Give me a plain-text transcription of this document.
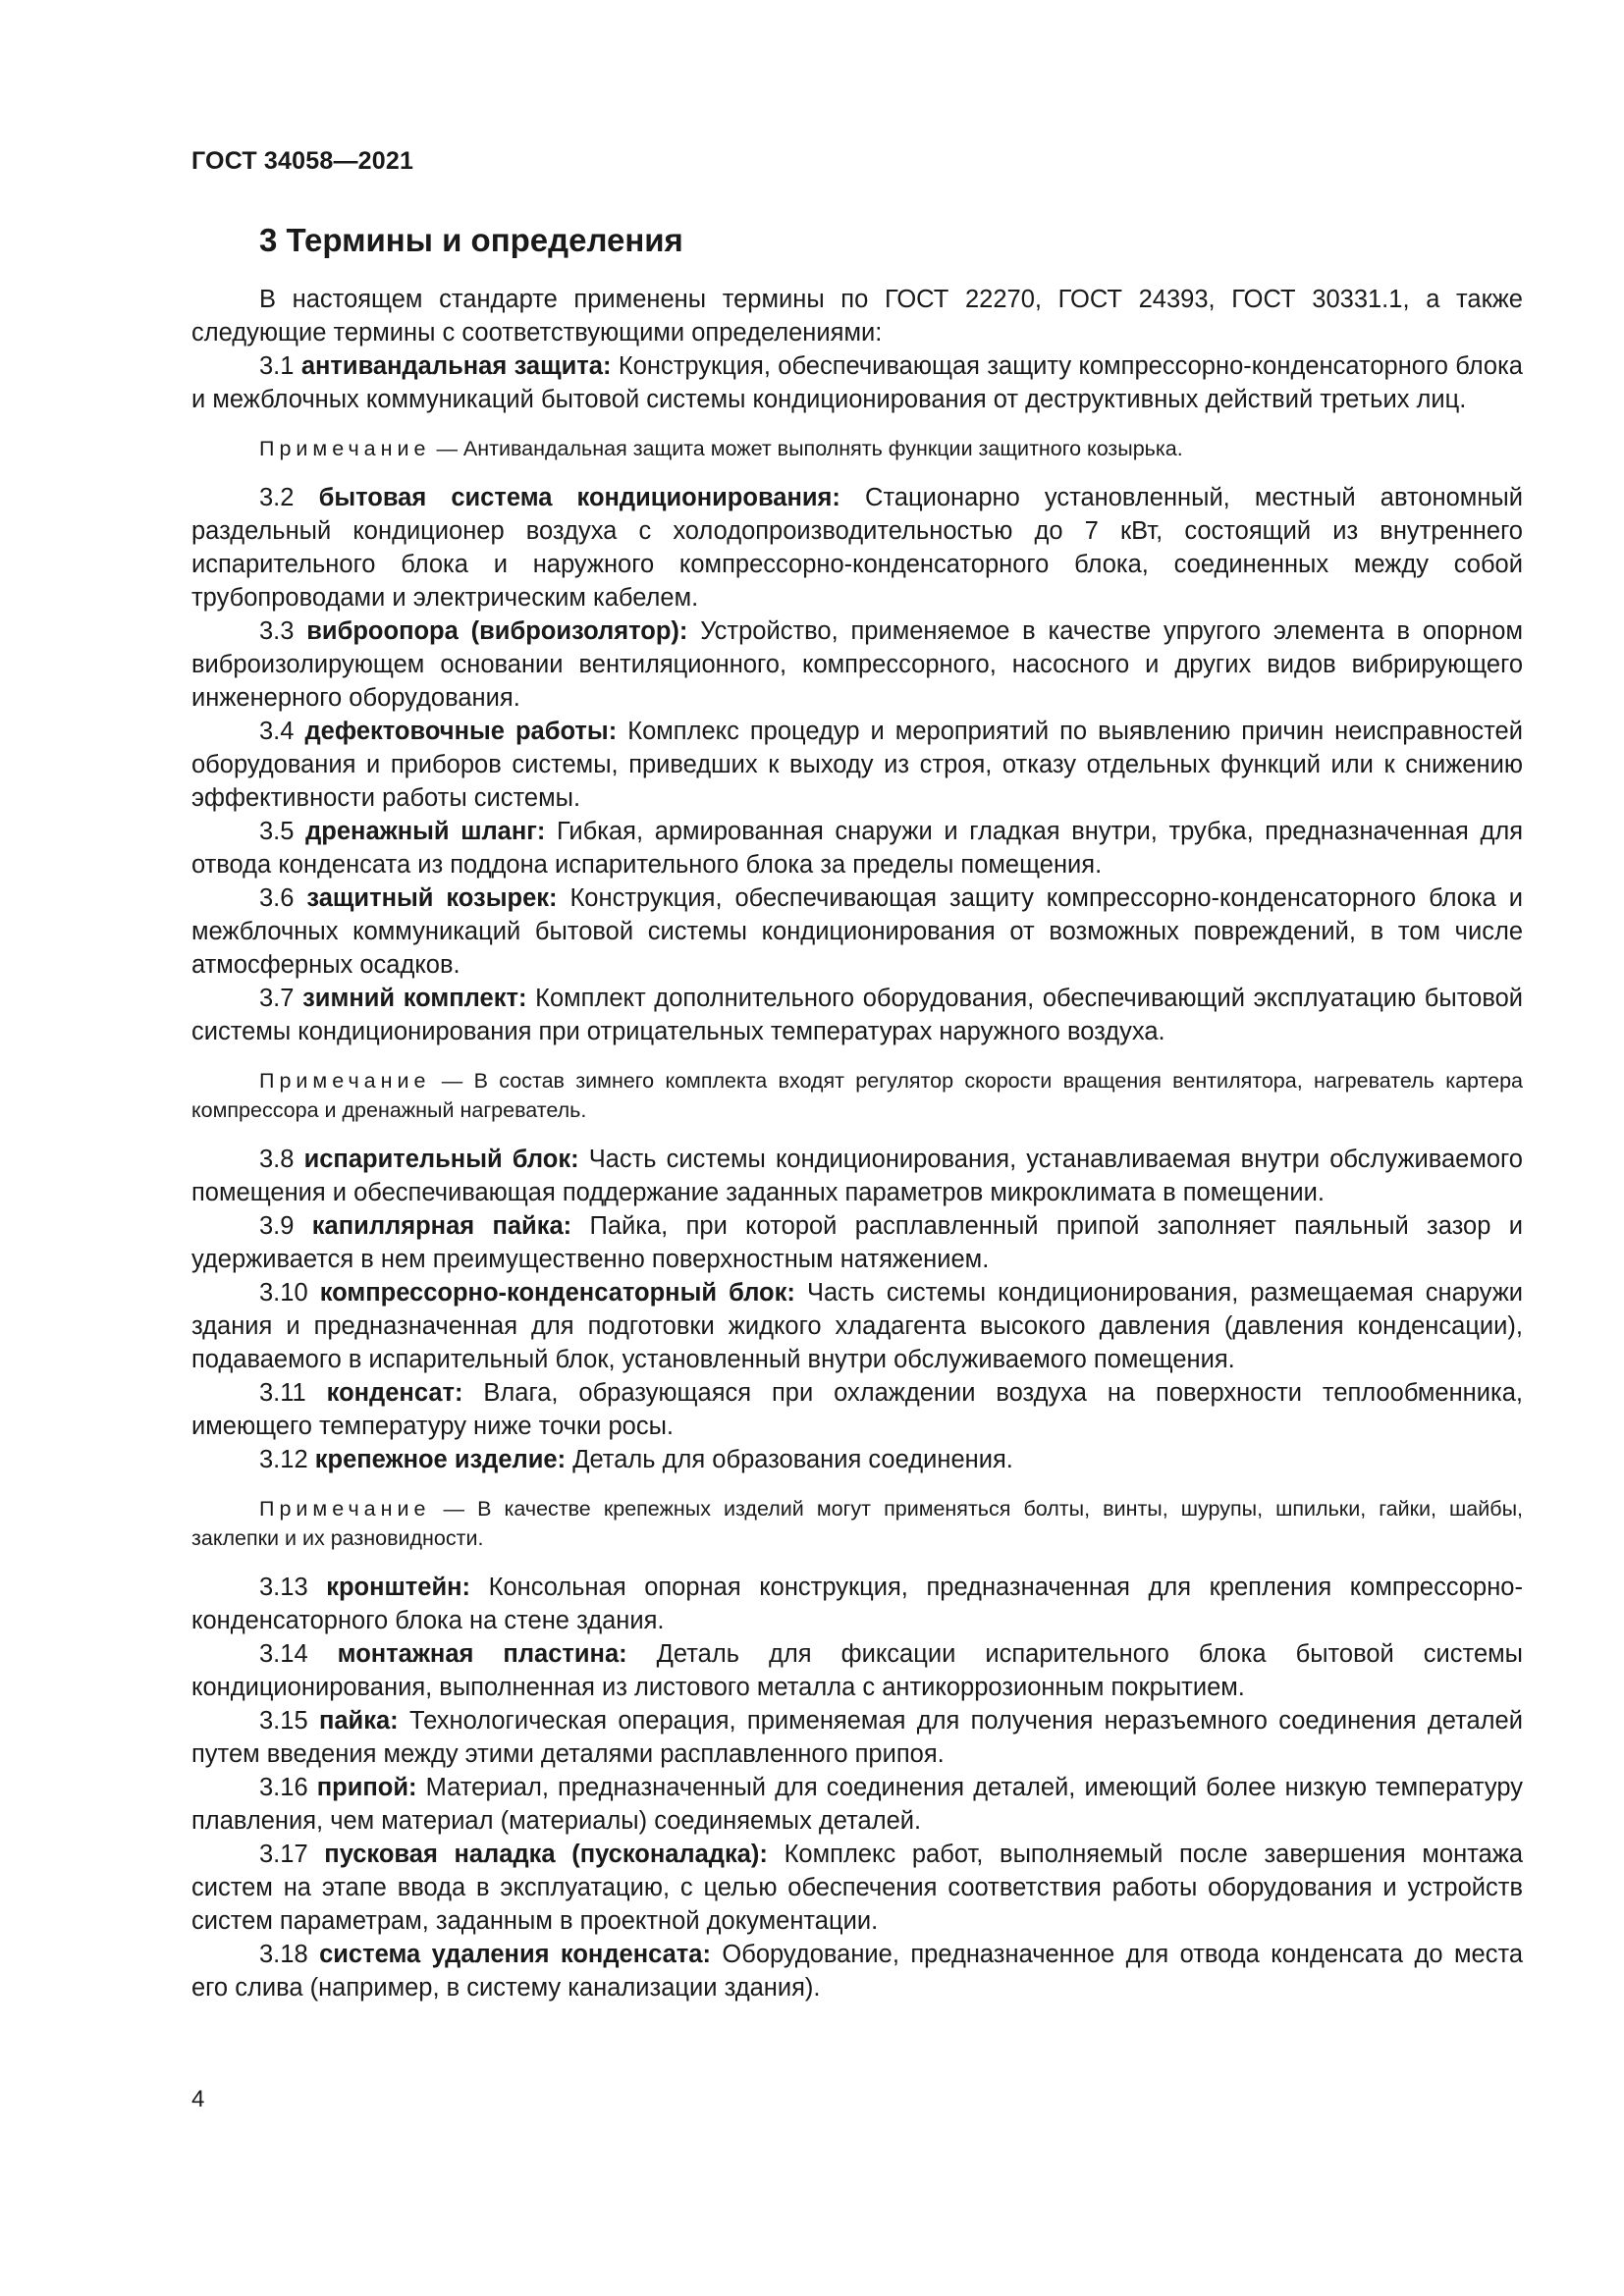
ГОСТ 34058—2021
3 Термины и определения

В настоящем стандарте применены термины по ГОСТ 22270, ГОСТ 24393, ГОСТ 30331.1, а также следующие термины с соответствующими определениями:

3.1 антивандальная защита: Конструкция, обеспечивающая защиту компрессорно-конденсаторного блока и межблочных коммуникаций бытовой системы кондиционирования от деструктивных действий третьих лиц.

Примечание — Антивандальная защита может выполнять функции защитного козырька.

3.2 бытовая система кондиционирования: Стационарно установленный, местный автономный раздельный кондиционер воздуха с холодопроизводительностью до 7 кВт, состоящий из внутреннего испарительного блока и наружного компрессорно-конденсаторного блока, соединенных между собой трубопроводами и электрическим кабелем.

3.3 виброопора (виброизолятор): Устройство, применяемое в качестве упругого элемента в опорном виброизолирующем основании вентиляционного, компрессорного, насосного и других видов вибрирующего инженерного оборудования.

3.4 дефектовочные работы: Комплекс процедур и мероприятий по выявлению причин неисправностей оборудования и приборов системы, приведших к выходу из строя, отказу отдельных функций или к снижению эффективности работы системы.

3.5 дренажный шланг: Гибкая, армированная снаружи и гладкая внутри, трубка, предназначенная для отвода конденсата из поддона испарительного блока за пределы помещения.

3.6 защитный козырек: Конструкция, обеспечивающая защиту компрессорно-конденсаторного блока и межблочных коммуникаций бытовой системы кондиционирования от возможных повреждений, в том числе атмосферных осадков.

3.7 зимний комплект: Комплект дополнительного оборудования, обеспечивающий эксплуатацию бытовой системы кондиционирования при отрицательных температурах наружного воздуха.

Примечание — В состав зимнего комплекта входят регулятор скорости вращения вентилятора, нагреватель картера компрессора и дренажный нагреватель.

3.8 испарительный блок: Часть системы кондиционирования, устанавливаемая внутри обслуживаемого помещения и обеспечивающая поддержание заданных параметров микроклимата в помещении.

3.9 капиллярная пайка: Пайка, при которой расплавленный припой заполняет паяльный зазор и удерживается в нем преимущественно поверхностным натяжением.

3.10 компрессорно-конденсаторный блок: Часть системы кондиционирования, размещаемая снаружи здания и предназначенная для подготовки жидкого хладагента высокого давления (давления конденсации), подаваемого в испарительный блок, установленный внутри обслуживаемого помещения.

3.11 конденсат: Влага, образующаяся при охлаждении воздуха на поверхности теплообменника, имеющего температуру ниже точки росы.

3.12 крепежное изделие: Деталь для образования соединения.

Примечание — В качестве крепежных изделий могут применяться болты, винты, шурупы, шпильки, гайки, шайбы, заклепки и их разновидности.

3.13 кронштейн: Консольная опорная конструкция, предназначенная для крепления компрессорно-конденсаторного блока на стене здания.

3.14 монтажная пластина: Деталь для фиксации испарительного блока бытовой системы кондиционирования, выполненная из листового металла с антикоррозионным покрытием.

3.15 пайка: Технологическая операция, применяемая для получения неразъемного соединения деталей путем введения между этими деталями расплавленного припоя.

3.16 припой: Материал, предназначенный для соединения деталей, имеющий более низкую температуру плавления, чем материал (материалы) соединяемых деталей.

3.17 пусковая наладка (пусконаладка): Комплекс работ, выполняемый после завершения монтажа систем на этапе ввода в эксплуатацию, с целью обеспечения соответствия работы оборудования и устройств систем параметрам, заданным в проектной документации.

3.18 система удаления конденсата: Оборудование, предназначенное для отвода конденсата до места его слива (например, в систему канализации здания).

4
